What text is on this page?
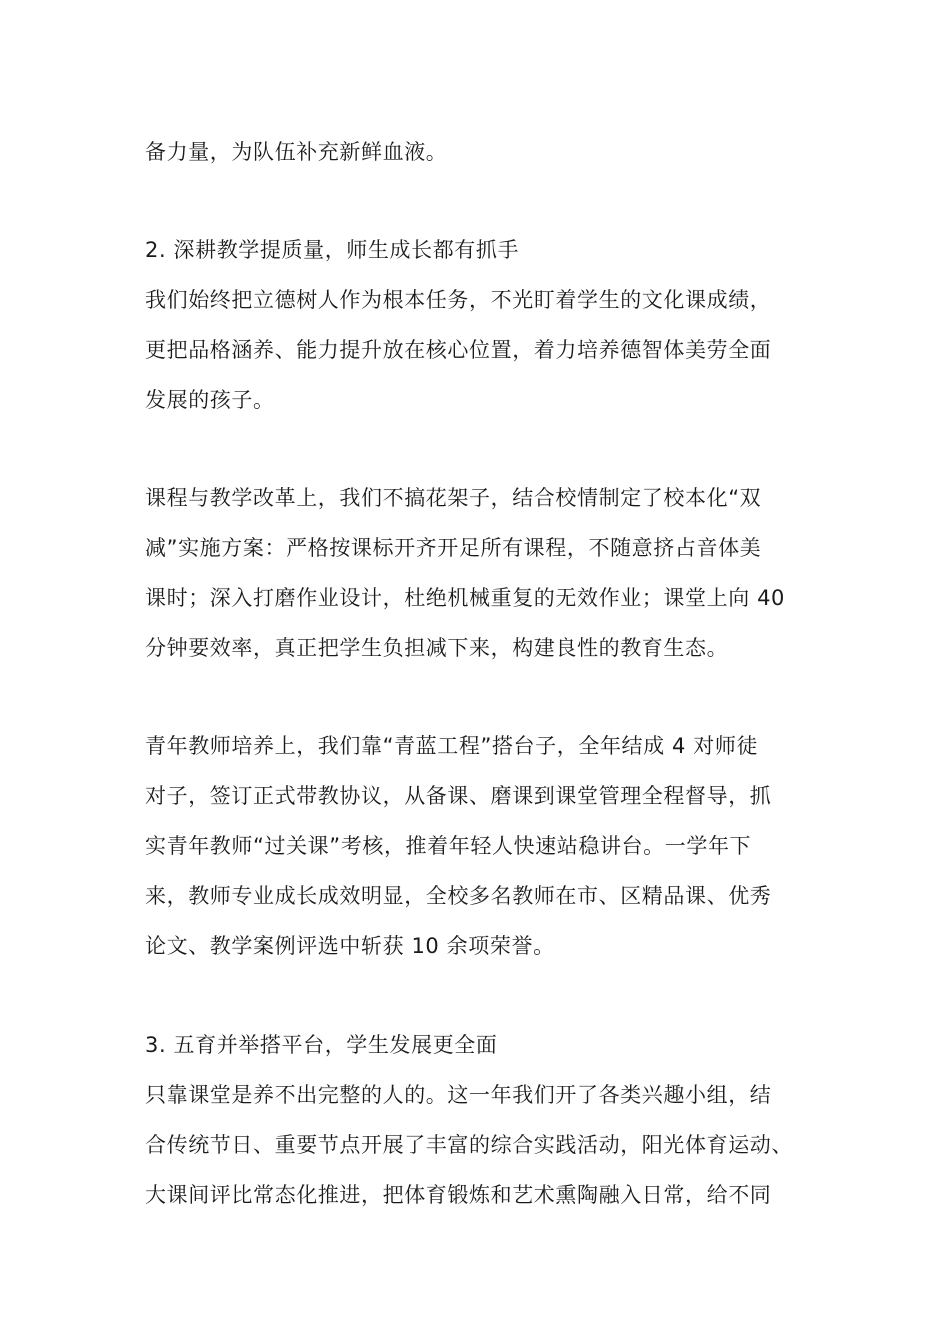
备力量，为队伍补充新鲜血液。
2. 深耕教学提质量，师生成长都有抓手
我们始终把立德树人作为根本任务，不光盯着学生的文化课成绩，
更把品格涵养、能力提升放在核心位置，着力培养德智体美劳全面
发展的孩子。
课程与教学改革上，我们不搞花架子，结合校情制定了校本化“双
减”实施方案：严格按课标开齐开足所有课程，不随意挤占音体美
课时；深入打磨作业设计，杜绝机械重复的无效作业；课堂上向 40
分钟要效率，真正把学生负担减下来，构建良性的教育生态。
青年教师培养上，我们靠“青蓝工程”搭台子，全年结成 4 对师徒
对子，签订正式带教协议，从备课、磨课到课堂管理全程督导，抓
实青年教师“过关课”考核，推着年轻人快速站稳讲台。一学年下
来，教师专业成长成效明显，全校多名教师在市、区精品课、优秀
论文、教学案例评选中斩获 10 余项荣誉。
3. 五育并举搭平台，学生发展更全面
只靠课堂是养不出完整的人的。这一年我们开了各类兴趣小组，结
合传统节日、重要节点开展了丰富的综合实践活动，阳光体育运动、
大课间评比常态化推进，把体育锻炼和艺术熏陶融入日常，给不同
